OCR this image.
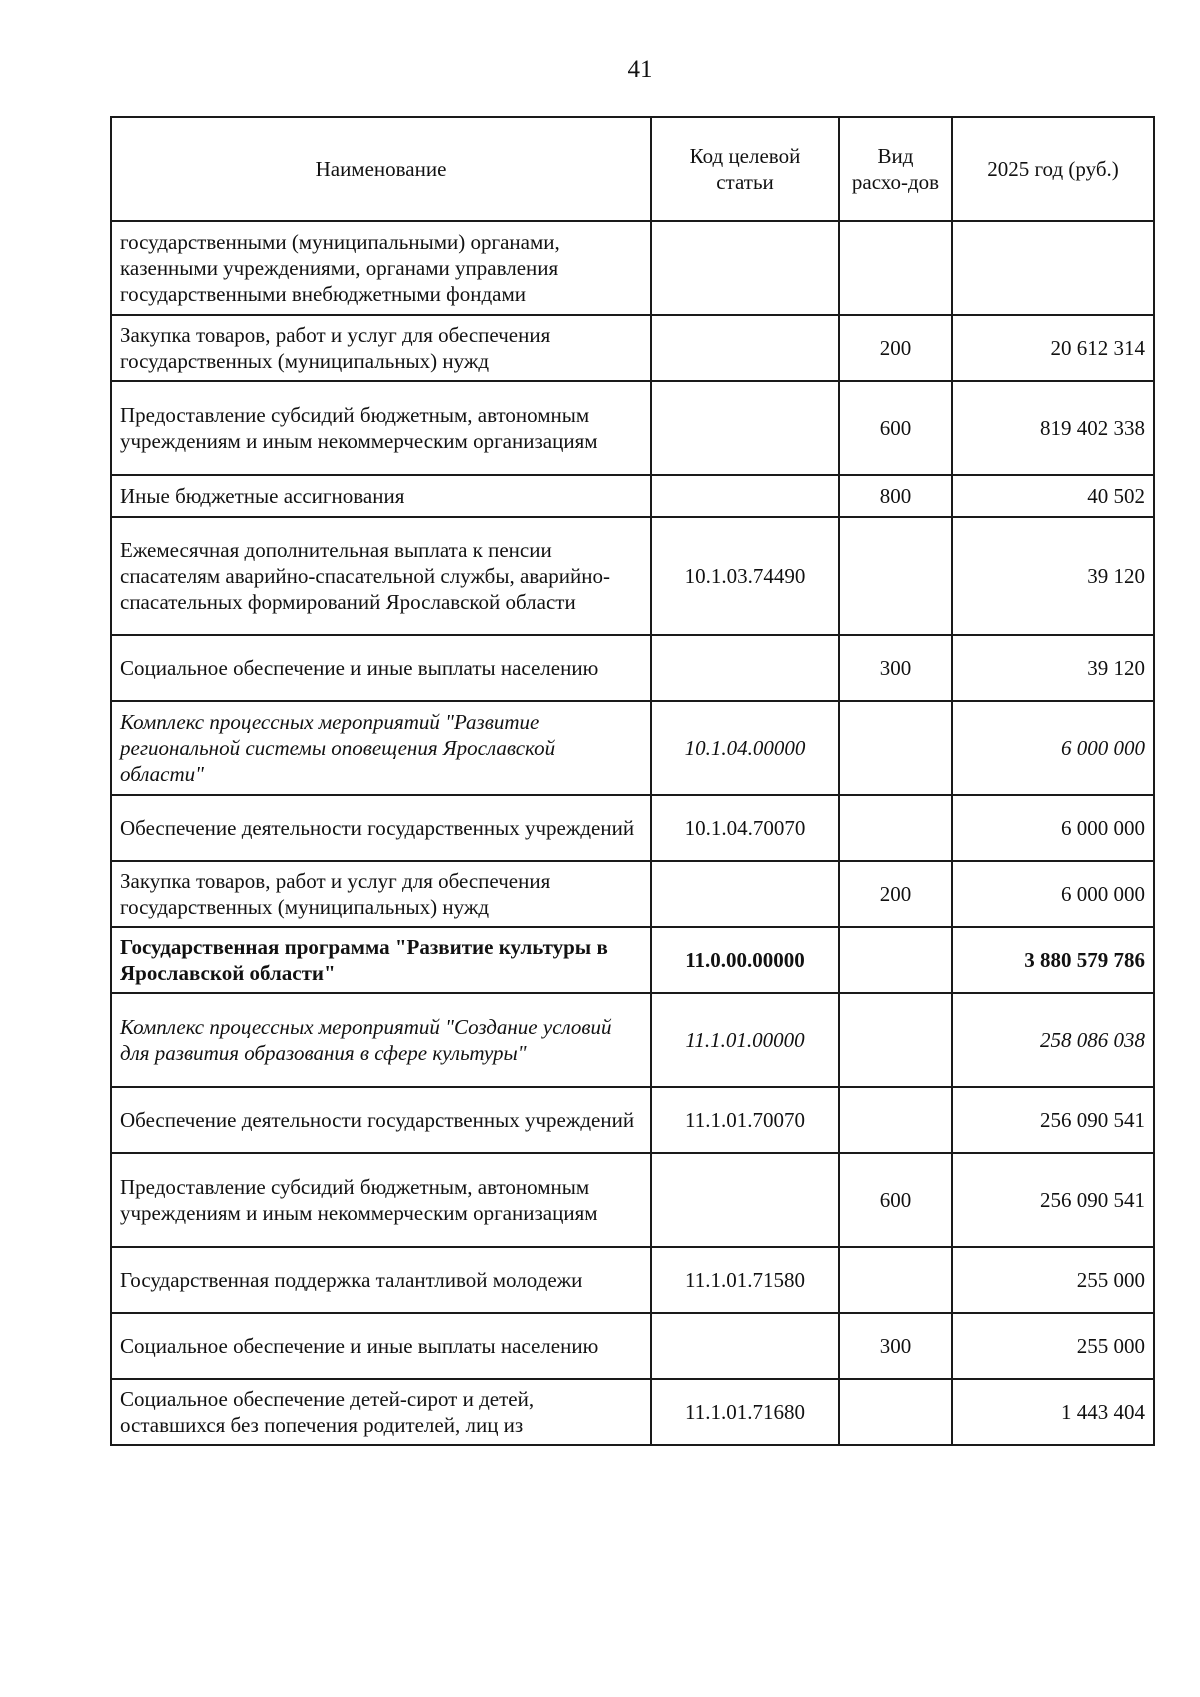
41
Наименование	Код целевой статьи	Вид расхо-дов	2025 год (руб.)
государственными (муниципальными) органами, казенными учреждениями, органами управления государственными внебюджетными фондами			
Закупка товаров, работ и услуг для обеспечения государственных (муниципальных) нужд		200	20 612 314
Предоставление субсидий бюджетным, автономным учреждениям и иным некоммерческим организациям		600	819 402 338
Иные бюджетные ассигнования		800	40 502
Ежемесячная дополнительная выплата к пенсии спасателям аварийно-спасательной службы, аварийно-спасательных формирований Ярославской области	10.1.03.74490		39 120
Социальное обеспечение и иные выплаты населению		300	39 120
Комплекс процессных мероприятий "Развитие региональной системы оповещения Ярославской области"	10.1.04.00000		6 000 000
Обеспечение деятельности государственных учреждений	10.1.04.70070		6 000 000
Закупка товаров, работ и услуг для обеспечения государственных (муниципальных) нужд		200	6 000 000
Государственная программа "Развитие культуры в Ярославской области"	11.0.00.00000		3 880 579 786
Комплекс процессных мероприятий "Создание условий для развития образования в сфере культуры"	11.1.01.00000		258 086 038
Обеспечение деятельности государственных учреждений	11.1.01.70070		256 090 541
Предоставление субсидий бюджетным, автономным учреждениям и иным некоммерческим организациям		600	256 090 541
Государственная поддержка талантливой молодежи	11.1.01.71580		255 000
Социальное обеспечение и иные выплаты населению		300	255 000
Социальное обеспечение детей-сирот и детей, оставшихся без попечения родителей, лиц из	11.1.01.71680		1 443 404
